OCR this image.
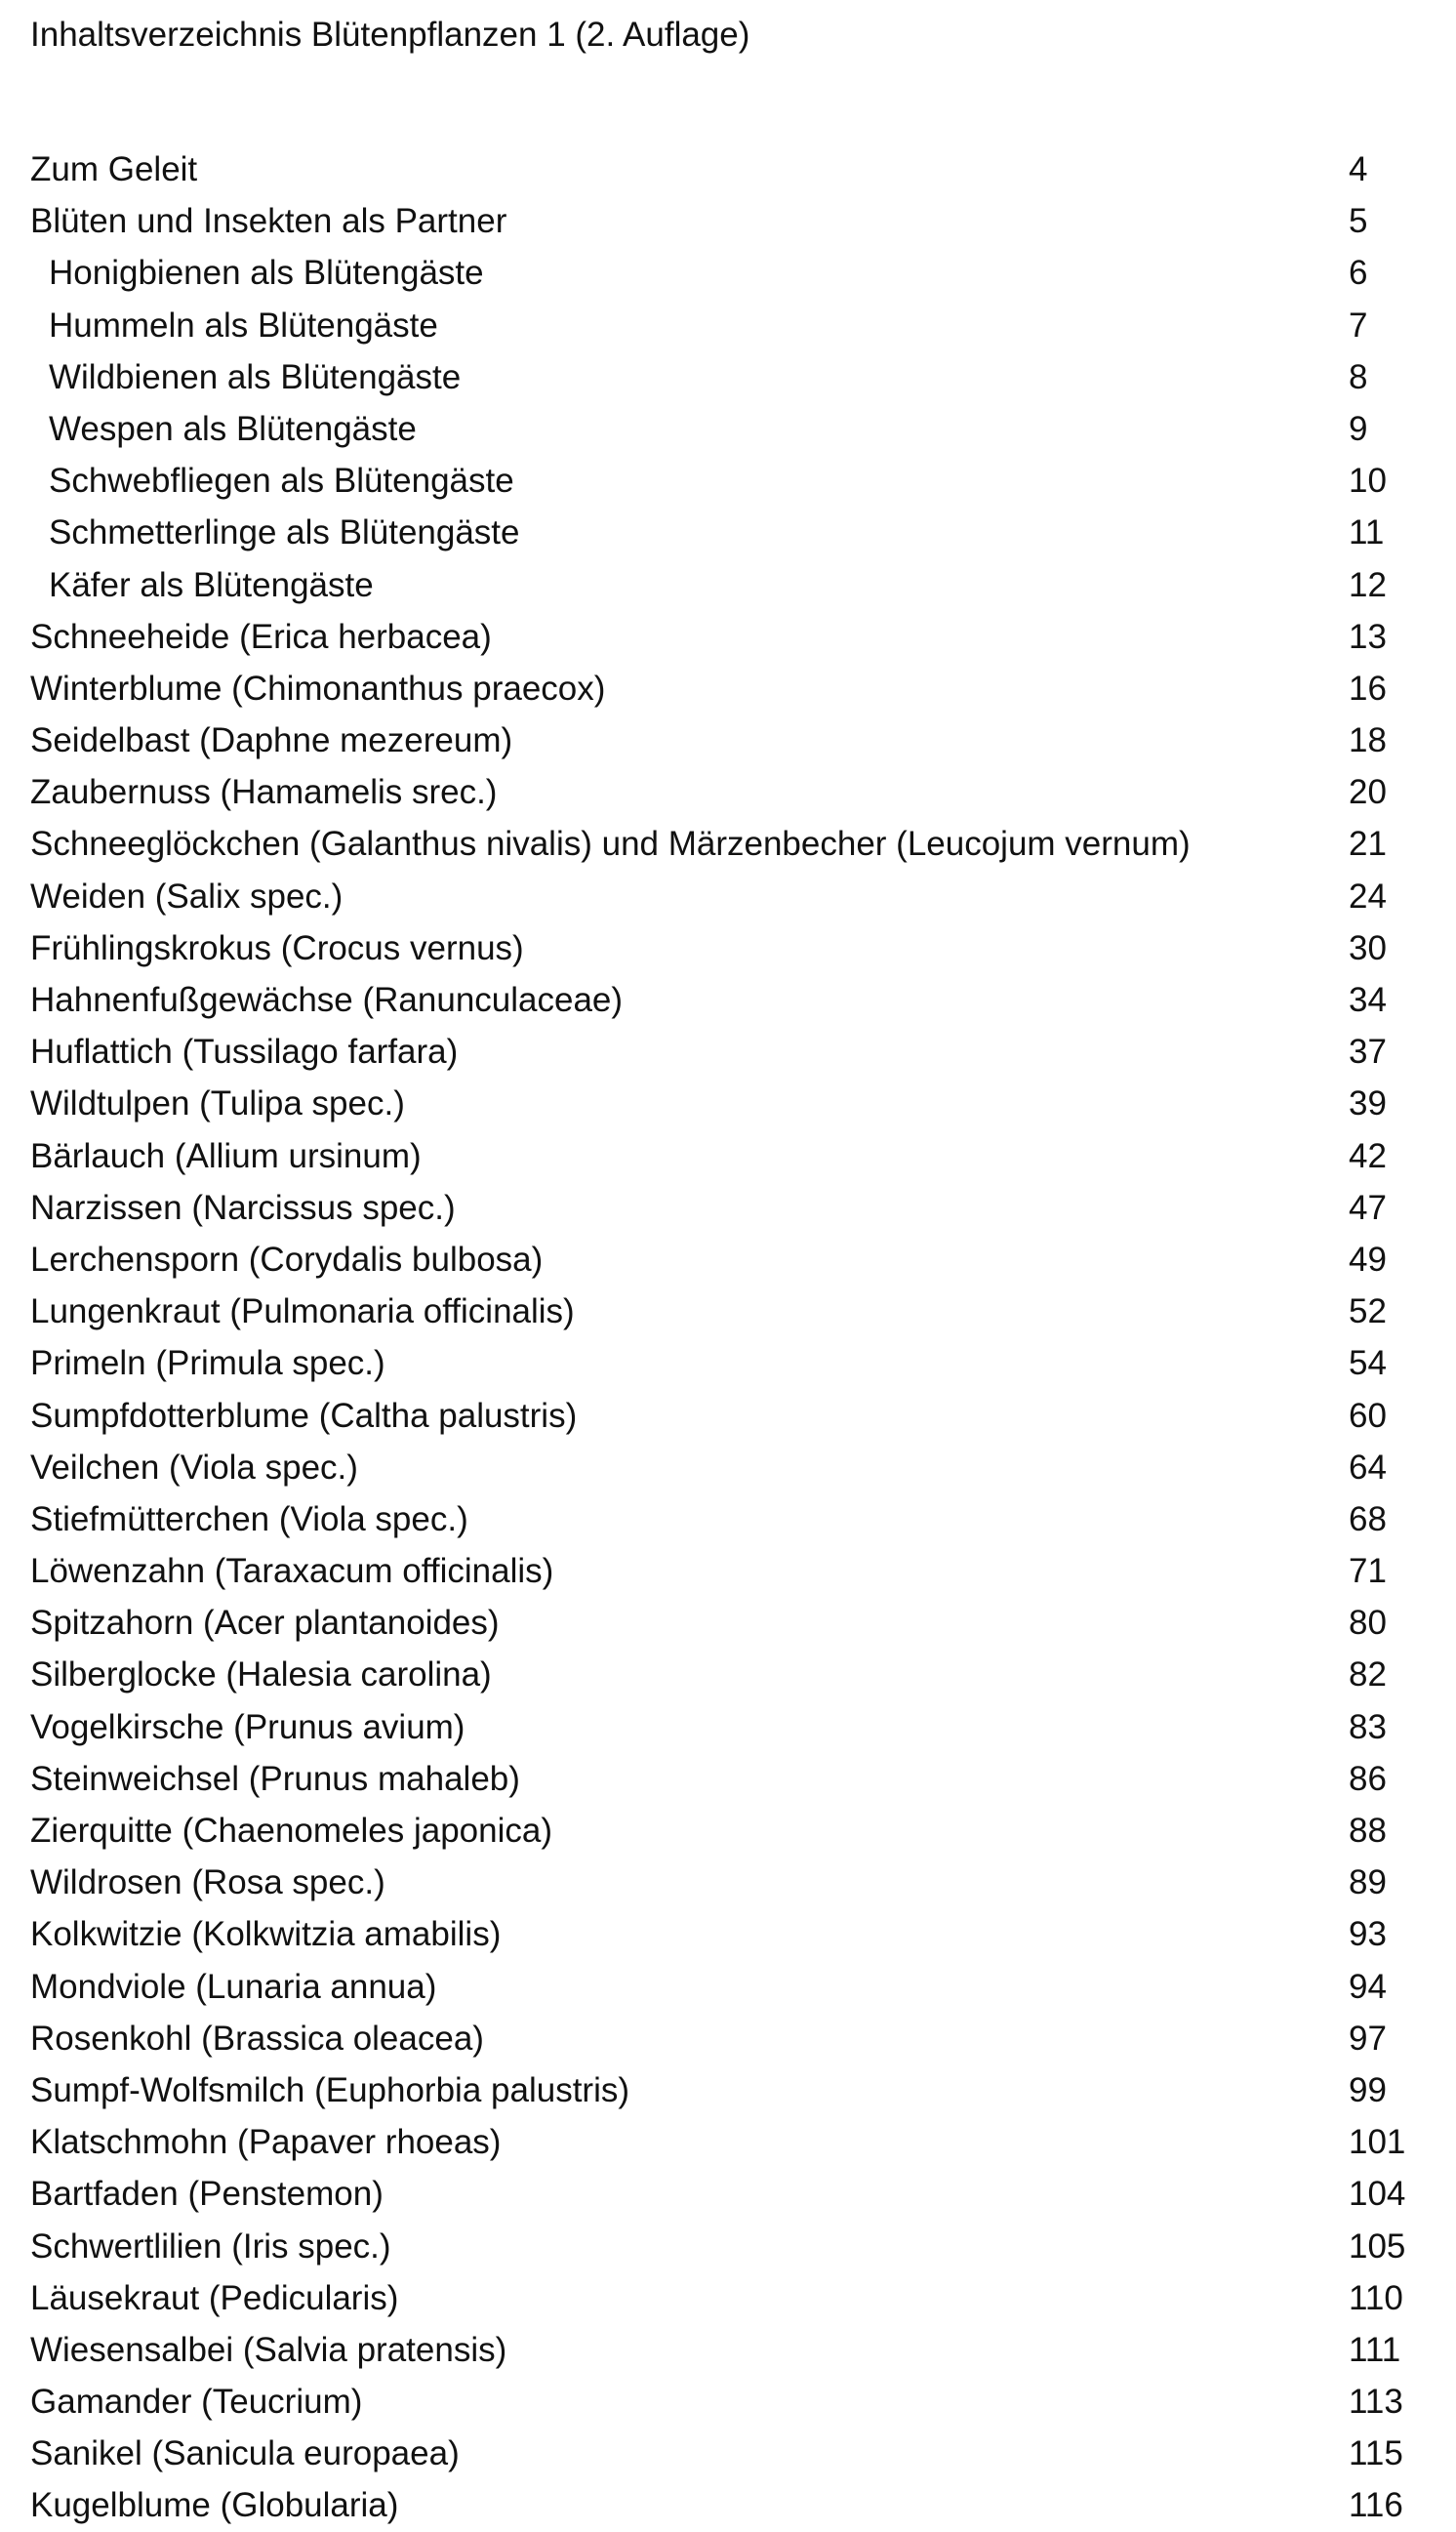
Inhaltsverzeichnis Blütenpflanzen 1 (2. Auflage)
Zum Geleit	4
Blüten und Insekten als Partner	5
Honigbienen als Blütengäste	6
Hummeln als Blütengäste	7
Wildbienen als Blütengäste	8
Wespen als Blütengäste	9
Schwebfliegen als Blütengäste	10
Schmetterlinge als Blütengäste	11
Käfer als Blütengäste	12
Schneeheide (Erica herbacea)	13
Winterblume (Chimonanthus praecox)	16
Seidelbast (Daphne mezereum)	18
Zaubernuss (Hamamelis srec.)	20
Schneeglöckchen (Galanthus nivalis) und Märzenbecher (Leucojum vernum)	21
Weiden (Salix spec.)	24
Frühlingskrokus (Crocus vernus)	30
Hahnenfußgewächse (Ranunculaceae)	34
Huflattich (Tussilago farfara)	37
Wildtulpen (Tulipa spec.)	39
Bärlauch (Allium ursinum)	42
Narzissen (Narcissus spec.)	47
Lerchensporn (Corydalis bulbosa)	49
Lungenkraut (Pulmonaria officinalis)	52
Primeln (Primula spec.)	54
Sumpfdotterblume (Caltha palustris)	60
Veilchen (Viola spec.)	64
Stiefmütterchen (Viola spec.)	68
Löwenzahn (Taraxacum officinalis)	71
Spitzahorn (Acer plantanoides)	80
Silberglocke (Halesia carolina)	82
Vogelkirsche (Prunus avium)	83
Steinweichsel (Prunus mahaleb)	86
Zierquitte (Chaenomeles japonica)	88
Wildrosen (Rosa spec.)	89
Kolkwitzie (Kolkwitzia amabilis)	93
Mondviole (Lunaria annua)	94
Rosenkohl (Brassica oleacea)	97
Sumpf-Wolfsmilch (Euphorbia palustris)	99
Klatschmohn (Papaver rhoeas)	101
Bartfaden (Penstemon)	104
Schwertlilien (Iris spec.)	105
Läusekraut (Pedicularis)	110
Wiesensalbei (Salvia pratensis)	111
Gamander (Teucrium)	113
Sanikel (Sanicula europaea)	115
Kugelblume (Globularia)	116
